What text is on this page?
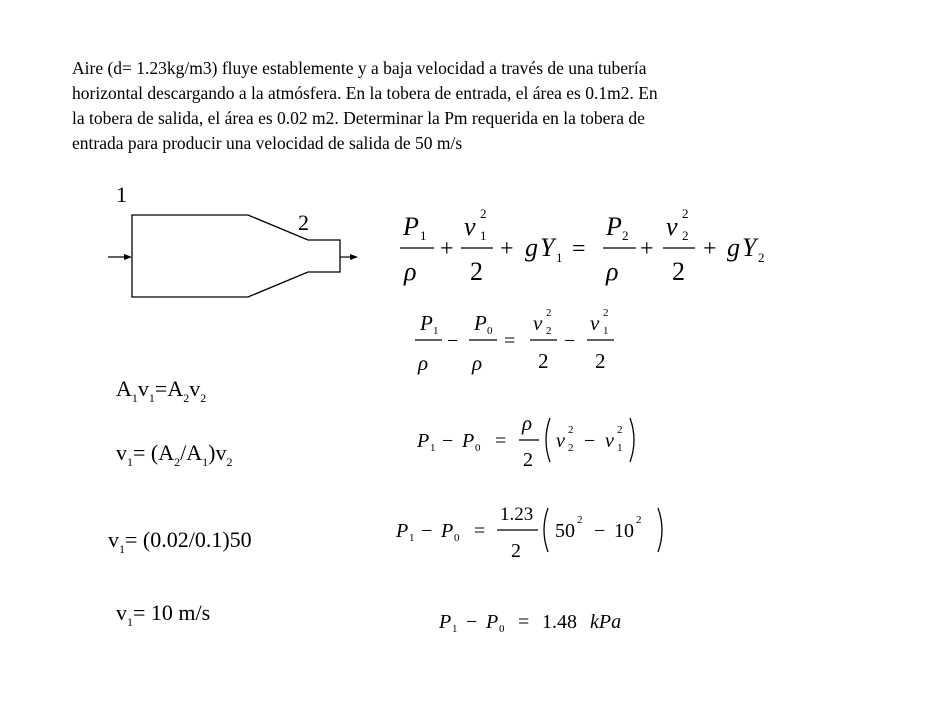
Aire (d= 1.23kg/m3) fluye establemente y a baja velocidad a través de una tubería

horizontal descargando a la atmósfera. En la tobera de entrada, el área es 0.1m2. En

la tobera de salida, el área es 0.02 m2. Determinar la Pm requerida en la tobera de

entrada para producir una velocidad de salida de 50 m/s

1
2
$A_1v_1=A_2v_2$
$v_1= (A_2/A_1)v_2$
$v_1= (0.02/0.1)50$
$v_1= 10$ m/s
P 1
ρ
+
v 2
1
2
+ g Y 1 =
P 2
ρ
+
v 2
2
2
+ g Y 2
P 1
ρ
−
P 0
ρ
=
v 2
2
2
−
v 2
1
2
P 1 − P 0 =
ρ
2
v 2
2 − v 2
1
P 1 − P 0 =
1.23
2
50 2 − 10 2
P 1 − P 0 = 1.48 kPa
